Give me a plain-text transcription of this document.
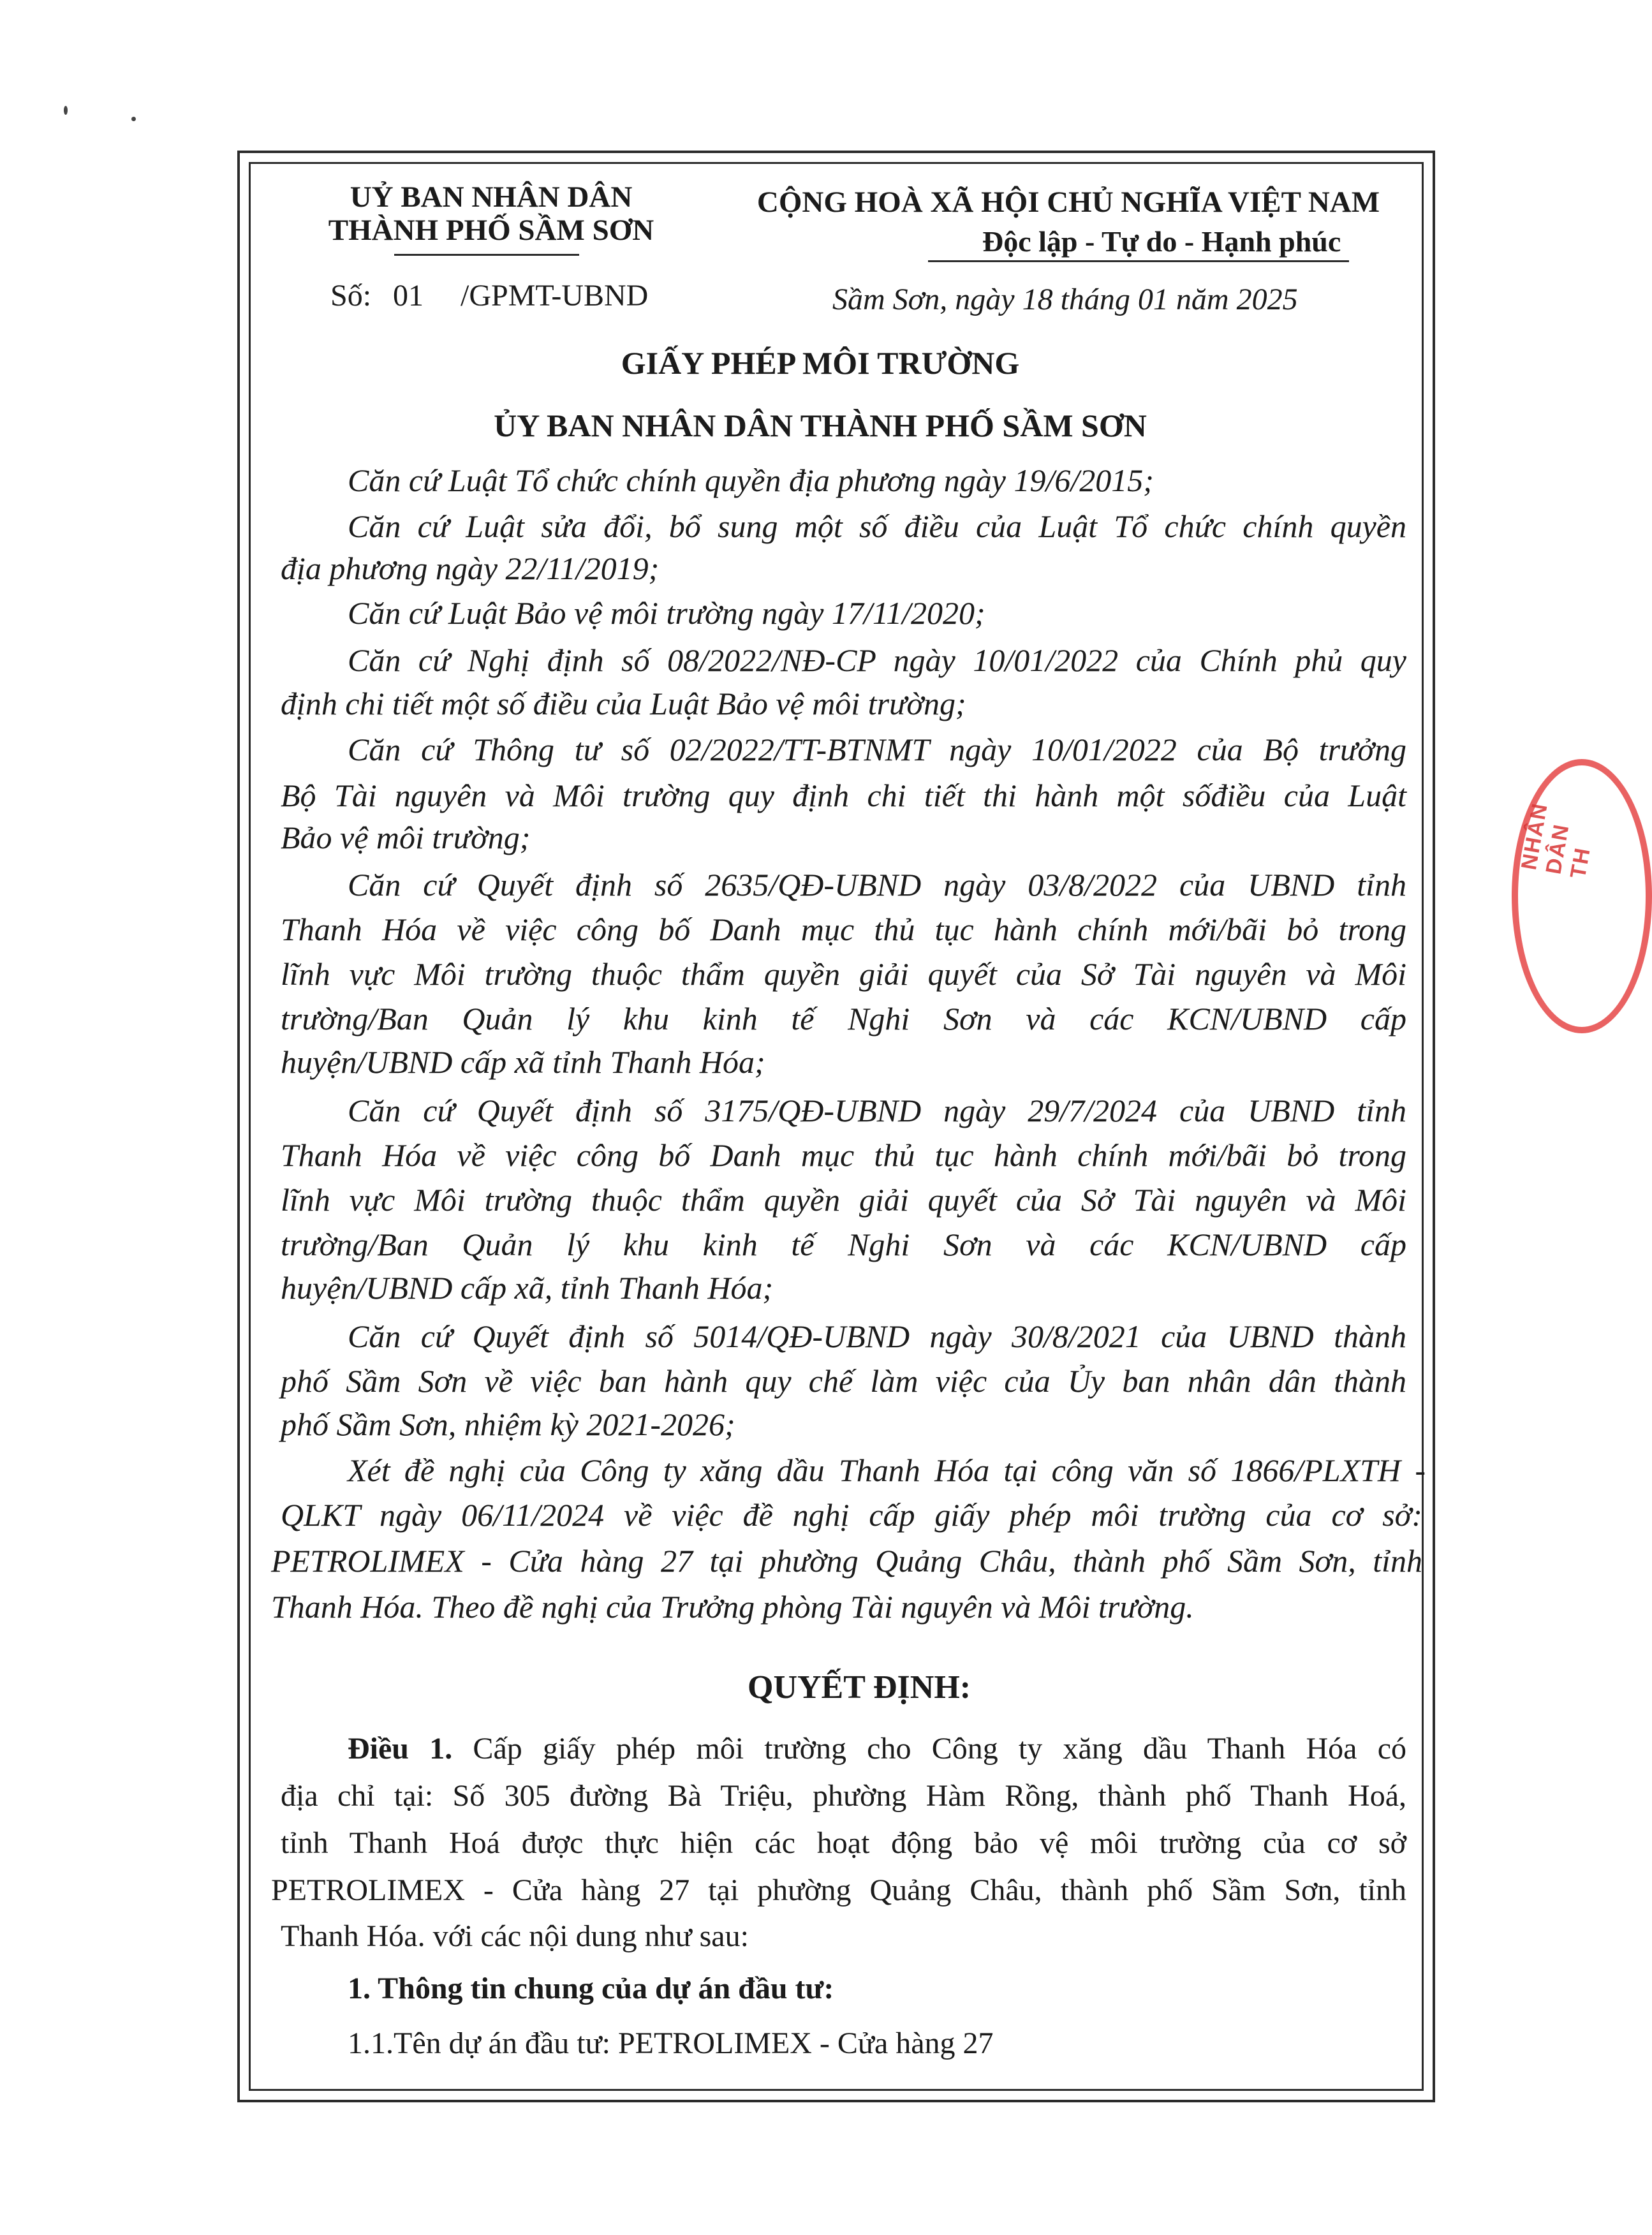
UỶ BAN NHÂN DÂN
THÀNH PHỐ SẦM SƠN
CỘNG HOÀ XÃ HỘI CHỦ NGHĨA VIỆT NAM
Độc lập - Tự do - Hạnh phúc
Số: 01 /GPMT-UBND	Sầm Sơn, ngày 18 tháng 01 năm 2025
GIẤY PHÉP MÔI TRƯỜNG
ỦY BAN NHÂN DÂN THÀNH PHỐ SẦM SƠN
Căn cứ Luật Tổ chức chính quyền địa phương ngày 19/6/2015;
Căn cứ Luật sửa đổi, bổ sung một số điều của Luật Tổ chức chính quyền
địa phương ngày 22/11/2019;
Căn cứ Luật Bảo vệ môi trường ngày 17/11/2020;
Căn cứ Nghị định số 08/2022/NĐ-CP ngày 10/01/2022 của Chính phủ quy
định chi tiết một số điều của Luật Bảo vệ môi trường;
Căn cứ Thông tư số 02/2022/TT-BTNMT ngày 10/01/2022 của Bộ trưởng
Bộ Tài nguyên và Môi trường quy định chi tiết thi hành một sốđiều của Luật
Bảo vệ môi trường;
Căn cứ Quyết định số 2635/QĐ-UBND ngày 03/8/2022 của UBND tỉnh
Thanh Hóa về việc công bố Danh mục thủ tục hành chính mới/bãi bỏ trong
lĩnh vực Môi trường thuộc thẩm quyền giải quyết của Sở Tài nguyên và Môi
trường/Ban Quản lý khu kinh tế Nghi Sơn và các KCN/UBND cấp
huyện/UBND cấp xã tỉnh Thanh Hóa;
Căn cứ Quyết định số 3175/QĐ-UBND ngày 29/7/2024 của UBND tỉnh
Thanh Hóa về việc công bố Danh mục thủ tục hành chính mới/bãi bỏ trong
lĩnh vực Môi trường thuộc thẩm quyền giải quyết của Sở Tài nguyên và Môi
trường/Ban Quản lý khu kinh tế Nghi Sơn và các KCN/UBND cấp
huyện/UBND cấp xã, tỉnh Thanh Hóa;
Căn cứ Quyết định số 5014/QĐ-UBND ngày 30/8/2021 của UBND thành
phố Sầm Sơn về việc ban hành quy chế làm việc của Ủy ban nhân dân thành
phố Sầm Sơn, nhiệm kỳ 2021-2026;
Xét đề nghị của Công ty xăng dầu Thanh Hóa tại công văn số 1866/PLXTH -
QLKT ngày 06/11/2024 về việc đề nghị cấp giấy phép môi trường của cơ sở:
PETROLIMEX - Cửa hàng 27 tại phường Quảng Châu, thành phố Sầm Sơn, tỉnh
Thanh Hóa. Theo đề nghị của Trưởng phòng Tài nguyên và Môi trường.
QUYẾT ĐỊNH:
Điều 1. Cấp giấy phép môi trường cho Công ty xăng dầu Thanh Hóa có
địa chỉ tại: Số 305 đường Bà Triệu, phường Hàm Rồng, thành phố Thanh Hoá,
tỉnh Thanh Hoá được thực hiện các hoạt động bảo vệ môi trường của cơ sở
PETROLIMEX - Cửa hàng 27 tại phường Quảng Châu, thành phố Sầm Sơn, tỉnh
Thanh Hóa. với các nội dung như sau:
1. Thông tin chung của dự án đầu tư:
1.1.Tên dự án đầu tư: PETROLIMEX - Cửa hàng 27
NHÂN DÂN TH
